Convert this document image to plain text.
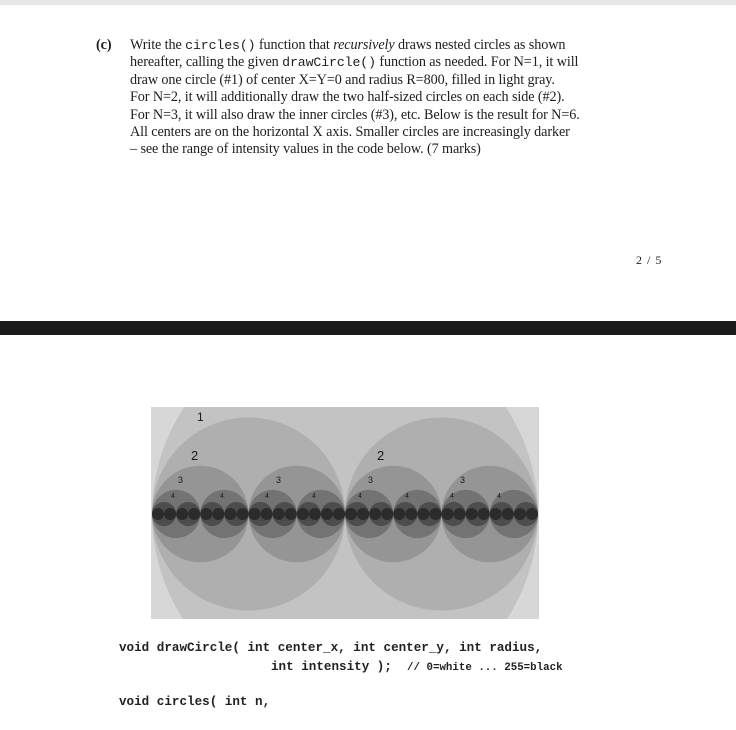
(c) Write the circles() function that recursively draws nested circles as shown
hereafter, calling the given drawCircle() function as needed. For N=1, it will
draw one circle (#1) of center X=Y=0 and radius R=800, filled in light gray.
For N=2, it will additionally draw the two half-sized circles on each side (#2).
For N=3, it will also draw the inner circles (#3), etc. Below is the result for N=6.
All centers are on the horizontal X axis. Smaller circles are increasingly darker
– see the range of intensity values in the code below. (7 marks)
2 / 5
1
2	2
3	3	3	3
4	4	4	4	4	4	4	4
void drawCircle( int center_x, int center_y, int radius,
int intensity );  // 0=white ... 255=black
void circles( int n,
